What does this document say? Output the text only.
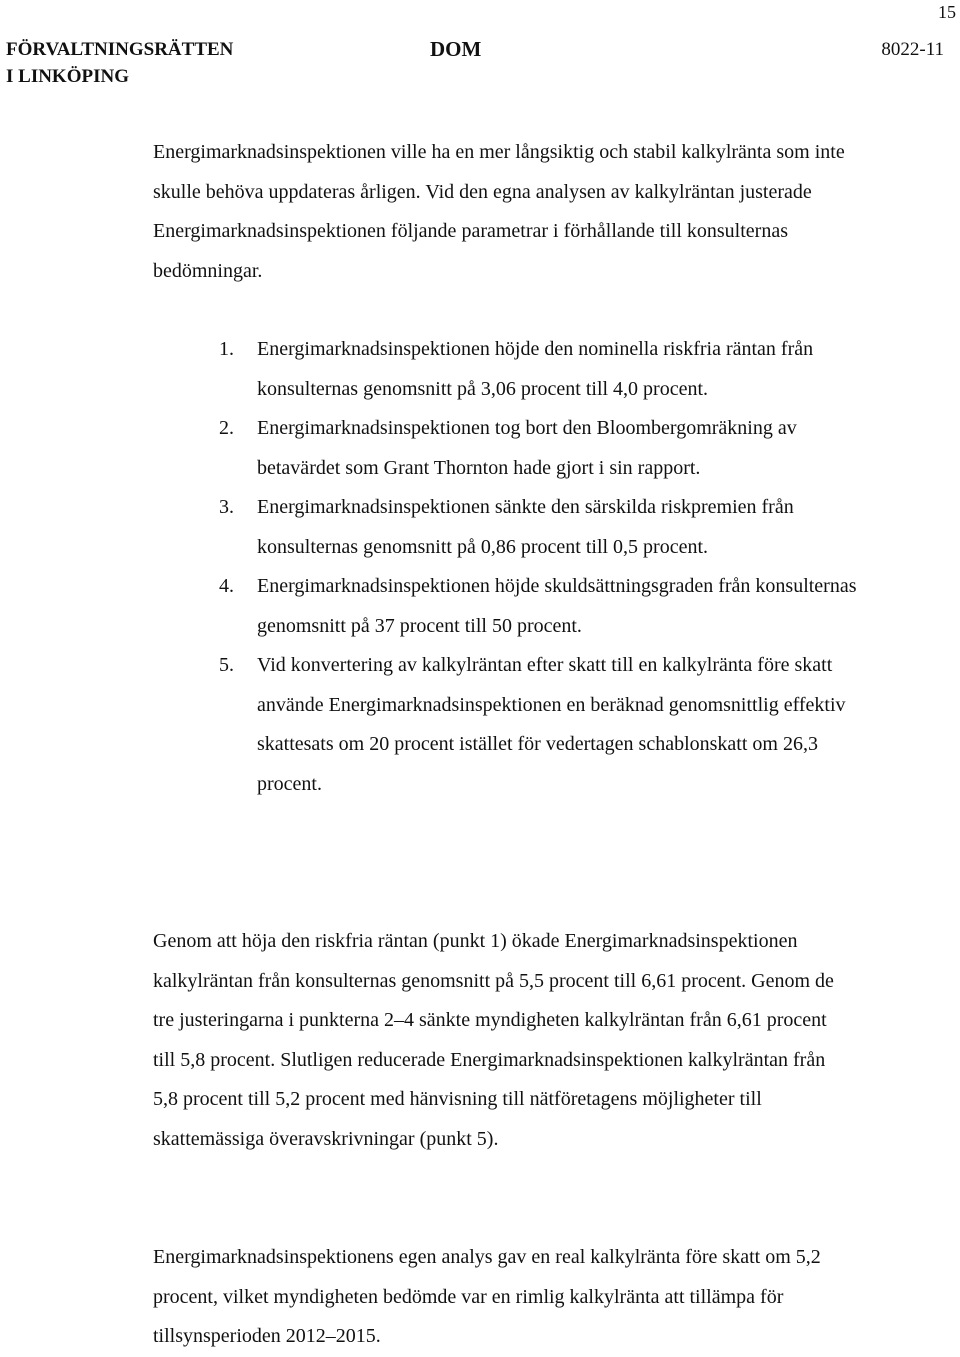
15
FÖRVALTNINGSRÄTTEN
I LINKÖPING
DOM	8022-11

Energimarknadsinspektionen ville ha en mer långsiktig och stabil kalkylränta som inte skulle behöva uppdateras årligen. Vid den egna analysen av kalkylräntan justerade Energimarknadsinspektionen följande parametrar i förhållande till konsulternas bedömningar.

1. Energimarknadsinspektionen höjde den nominella riskfria räntan från konsulternas genomsnitt på 3,06 procent till 4,0 procent.
2. Energimarknadsinspektionen tog bort den Bloombergomräkning av betavärdet som Grant Thornton hade gjort i sin rapport.
3. Energimarknadsinspektionen sänkte den särskilda riskpremien från konsulternas genomsnitt på 0,86 procent till 0,5 procent.
4. Energimarknadsinspektionen höjde skuldsättningsgraden från konsulternas genomsnitt på 37 procent till 50 procent.
5. Vid konvertering av kalkylräntan efter skatt till en kalkylränta före skatt använde Energimarknadsinspektionen en beräknad genomsnittlig effektiv skattesats om 20 procent istället för vedertagen schablonskatt om 26,3 procent.

Genom att höja den riskfria räntan (punkt 1) ökade Energimarknadsinspektionen kalkylräntan från konsulternas genomsnitt på 5,5 procent till 6,61 procent. Genom de tre justeringarna i punkterna 2–4 sänkte myndigheten kalkylräntan från 6,61 procent till 5,8 procent. Slutligen reducerade Energimarknadsinspektionen kalkylräntan från 5,8 procent till 5,2 procent med hänvisning till nätföretagens möjligheter till skattemässiga överavskrivningar (punkt 5).

Energimarknadsinspektionens egen analys gav en real kalkylränta före skatt om 5,2 procent, vilket myndigheten bedömde var en rimlig kalkylränta att tillämpa för tillsynsperioden 2012–2015.
